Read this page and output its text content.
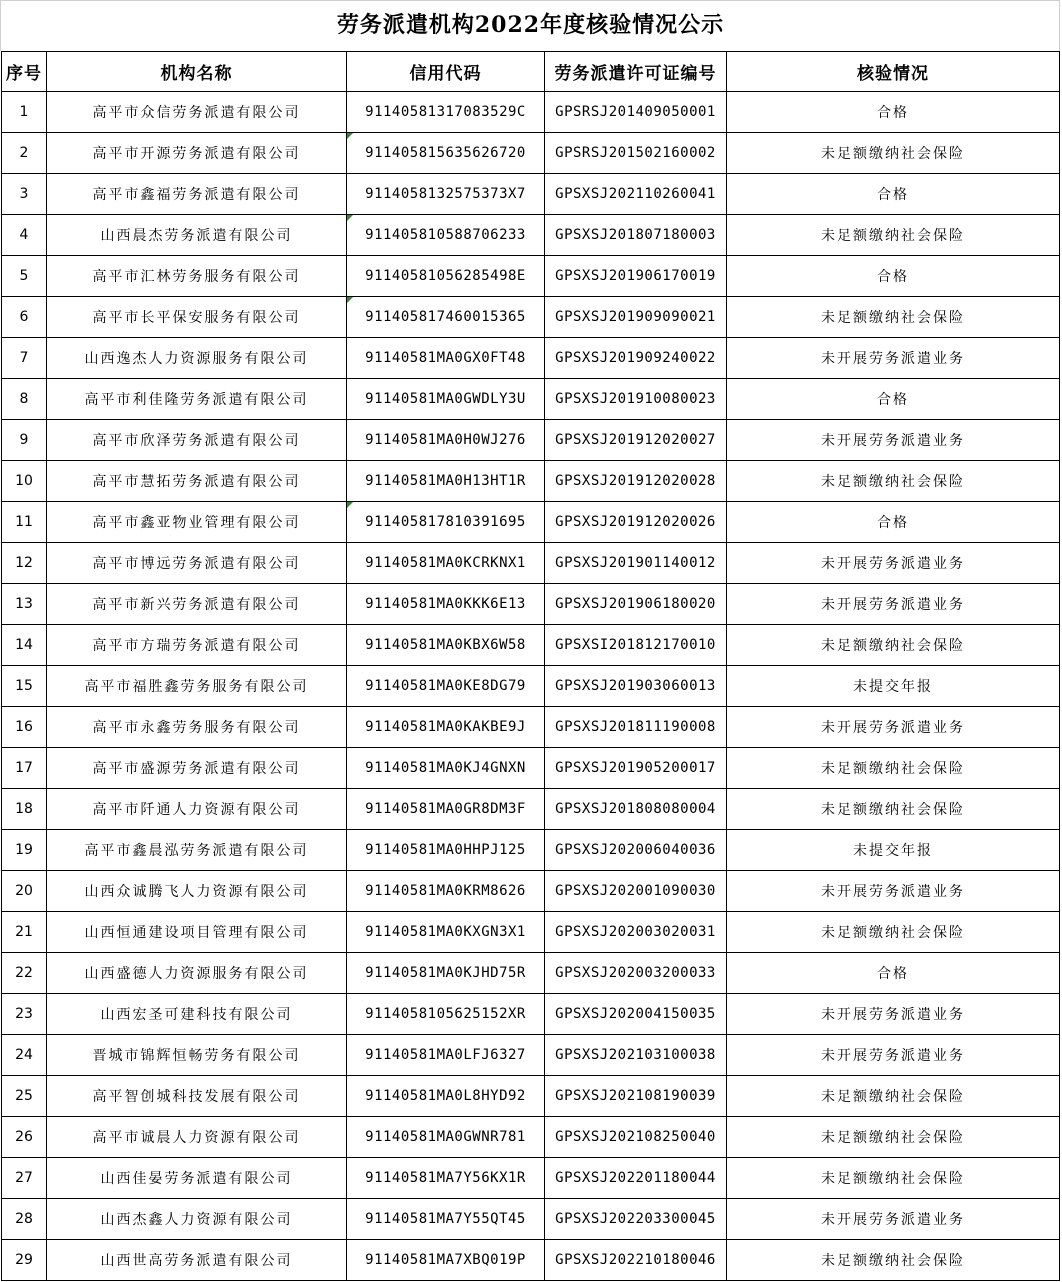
劳务派遣机构2022年度核验情况公示
序号	机构名称	信用代码	劳务派遣许可证编号	核验情况
1	高平市众信劳务派遣有限公司	91140581317083529C	GPSRSJ201409050001	合格
2	高平市开源劳务派遣有限公司	911405815635626720	GPSRSJ201502160002	未足额缴纳社会保险
3	高平市鑫福劳务派遣有限公司	9114058132575373X7	GPSXSJ202110260041	合格
4	山西晨杰劳务派遣有限公司	911405810588706233	GPSXSJ201807180003	未足额缴纳社会保险
5	高平市汇林劳务服务有限公司	91140581056285498E	GPSXSJ201906170019	合格
6	高平市长平保安服务有限公司	911405817460015365	GPSXSJ201909090021	未足额缴纳社会保险
7	山西逸杰人力资源服务有限公司	91140581MA0GX0FT48	GPSXSJ201909240022	未开展劳务派遣业务
8	高平市利佳隆劳务派遣有限公司	91140581MA0GWDLY3U	GPSXSJ201910080023	合格
9	高平市欣泽劳务派遣有限公司	91140581MA0H0WJ276	GPSXSJ201912020027	未开展劳务派遣业务
10	高平市慧拓劳务派遣有限公司	91140581MA0H13HT1R	GPSXSJ201912020028	未足额缴纳社会保险
11	高平市鑫亚物业管理有限公司	911405817810391695	GPSXSJ201912020026	合格
12	高平市博远劳务派遣有限公司	91140581MA0KCRKNX1	GPSXSJ201901140012	未开展劳务派遣业务
13	高平市新兴劳务派遣有限公司	91140581MA0KKK6E13	GPSXSJ201906180020	未开展劳务派遣业务
14	高平市方瑞劳务派遣有限公司	91140581MA0KBX6W58	GPSXSI201812170010	未足额缴纳社会保险
15	高平市福胜鑫劳务服务有限公司	91140581MA0KE8DG79	GPSXSJ201903060013	未提交年报
16	高平市永鑫劳务服务有限公司	91140581MA0KAKBE9J	GPSXSJ201811190008	未开展劳务派遣业务
17	高平市盛源劳务派遣有限公司	91140581MA0KJ4GNXN	GPSXSJ201905200017	未足额缴纳社会保险
18	高平市阡通人力资源有限公司	91140581MA0GR8DM3F	GPSXSJ201808080004	未足额缴纳社会保险
19	高平市鑫晨泓劳务派遣有限公司	91140581MA0HHPJ125	GPSXSJ202006040036	未提交年报
20	山西众诚腾飞人力资源有限公司	91140581MA0KRM8626	GPSXSJ202001090030	未开展劳务派遣业务
21	山西恒通建设项目管理有限公司	91140581MA0KXGN3X1	GPSXSJ202003020031	未足额缴纳社会保险
22	山西盛德人力资源服务有限公司	91140581MA0KJHD75R	GPSXSJ202003200033	合格
23	山西宏圣可建科技有限公司	9114058105625152XR	GPSXSJ202004150035	未开展劳务派遣业务
24	晋城市锦辉恒畅劳务有限公司	91140581MA0LFJ6327	GPSXSJ202103100038	未开展劳务派遣业务
25	高平智创城科技发展有限公司	91140581MA0L8HYD92	GPSXSJ202108190039	未足额缴纳社会保险
26	高平市诚晨人力资源有限公司	91140581MA0GWNR781	GPSXSJ202108250040	未足额缴纳社会保险
27	山西佳晏劳务派遣有限公司	91140581MA7Y56KX1R	GPSXSJ202201180044	未足额缴纳社会保险
28	山西杰鑫人力资源有限公司	91140581MA7Y55QT45	GPSXSJ202203300045	未开展劳务派遣业务
29	山西世高劳务派遣有限公司	91140581MA7XBQ019P	GPSXSJ202210180046	未足额缴纳社会保险
